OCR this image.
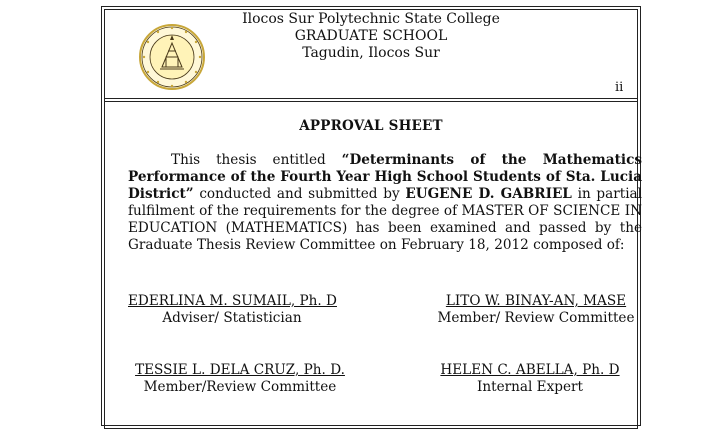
Ilocos Sur Polytechnic State College
GRADUATE SCHOOL
Tagudin, Ilocos Sur
ii
APPROVAL SHEET

This thesis entitled “Determinants of the Mathematics Performance of the Fourth Year High School Students of Sta. Lucia District” conducted and submitted by EUGENE D. GABRIEL in partial fulfilment of the requirements for the degree of MASTER OF SCIENCE IN EDUCATION (MATHEMATICS) has been examined and passed by the Graduate Thesis Review Committee on February 18, 2012 composed of:

EDERLINA M. SUMAIL, Ph. D
Adviser/ Statistician
LITO W. BINAY-AN, MASE
Member/ Review Committee
TESSIE L. DELA CRUZ, Ph. D.
Member/Review Committee
HELEN C. ABELLA, Ph. D
Internal Expert
